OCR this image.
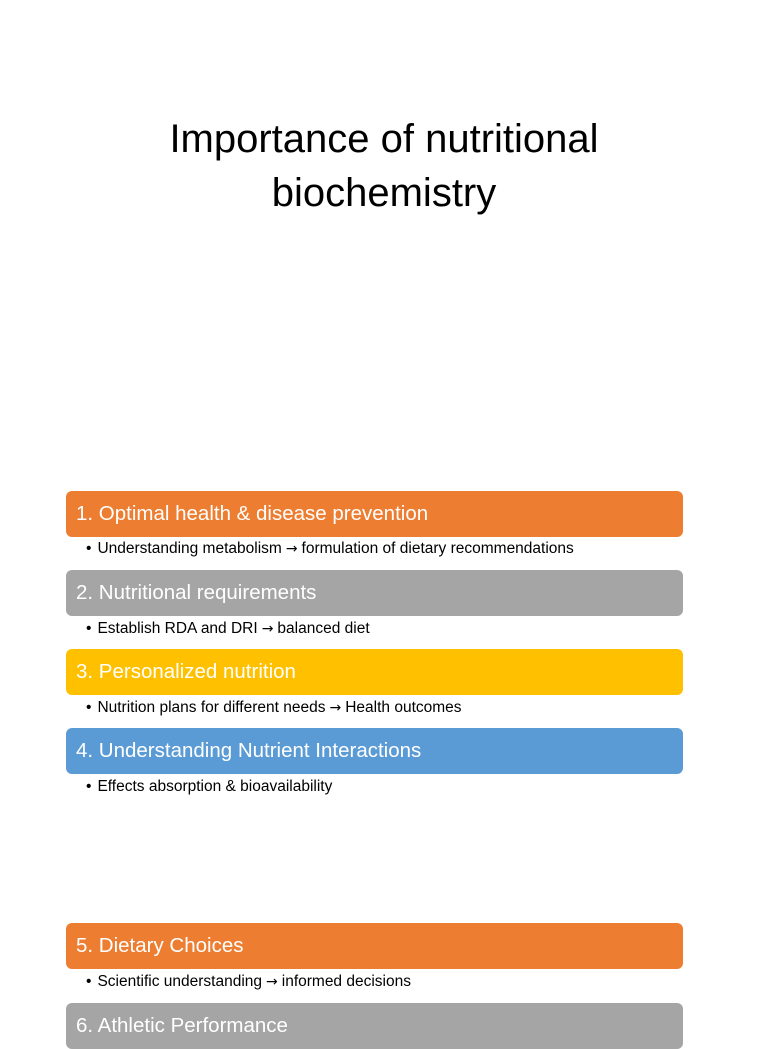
Importance of nutritional
biochemistry
1. Optimal health & disease prevention
• Understanding metabolism → formulation of dietary recommendations
2. Nutritional requirements
• Establish RDA and DRI → balanced diet
3. Personalized nutrition
• Nutrition plans for different needs → Health outcomes
4. Understanding Nutrient Interactions
• Effects absorption & bioavailability
5. Dietary Choices
• Scientific understanding → informed decisions
6. Athletic Performance
